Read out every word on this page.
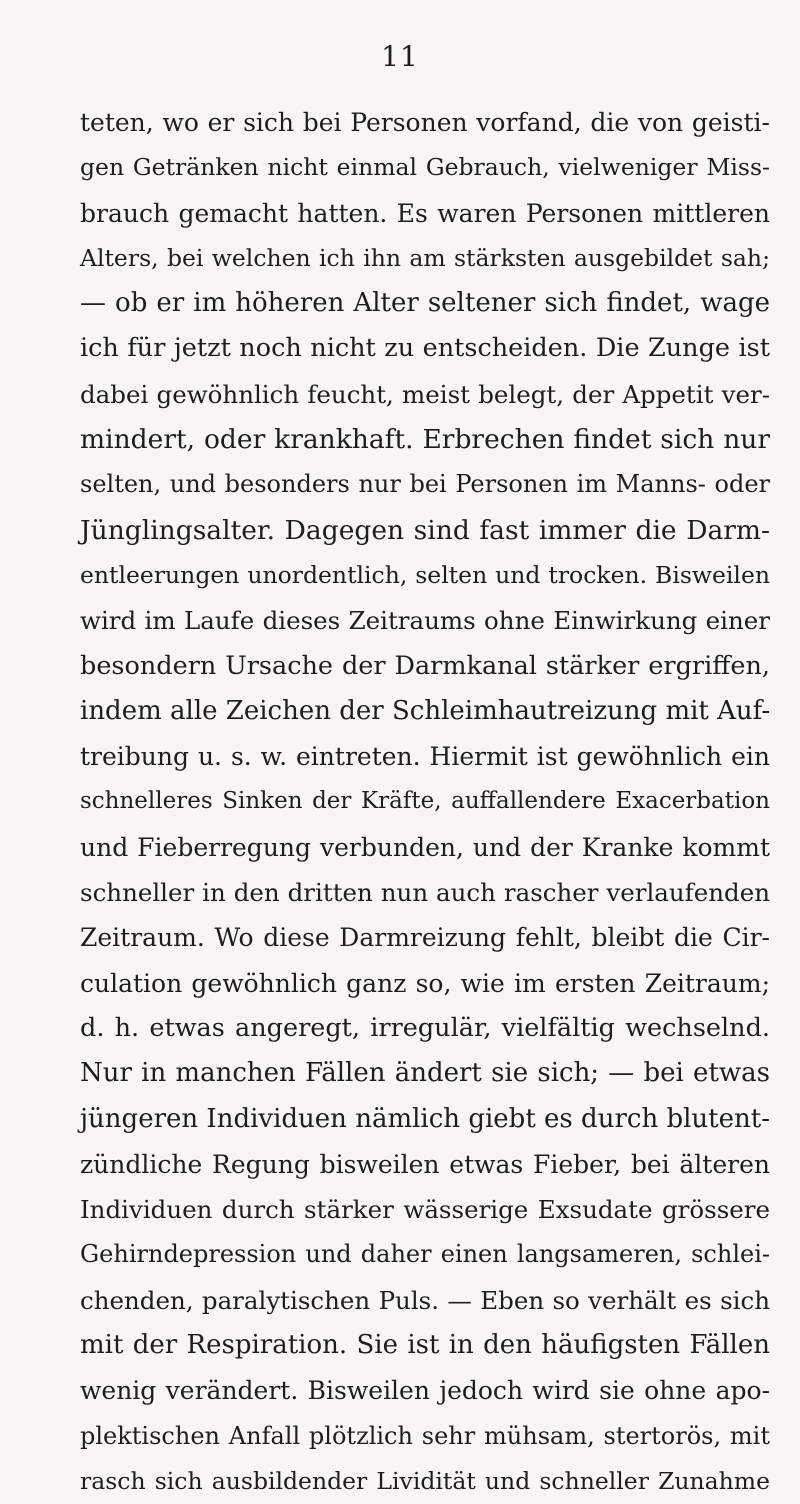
11
teten, wo er sich bei Personen vorfand, die von geisti-
gen Getränken nicht einmal Gebrauch, vielweniger Miss-
brauch gemacht hatten. Es waren Personen mittleren
Alters, bei welchen ich ihn am stärksten ausgebildet sah;
— ob er im höheren Alter seltener sich findet, wage
ich für jetzt noch nicht zu entscheiden. Die Zunge ist
dabei gewöhnlich feucht, meist belegt, der Appetit ver-
mindert, oder krankhaft. Erbrechen findet sich nur
selten, und besonders nur bei Personen im Manns- oder
Jünglingsalter. Dagegen sind fast immer die Darm-
entleerungen unordentlich, selten und trocken. Bisweilen
wird im Laufe dieses Zeitraums ohne Einwirkung einer
besondern Ursache der Darmkanal stärker ergriffen,
indem alle Zeichen der Schleimhautreizung mit Auf-
treibung u. s. w. eintreten. Hiermit ist gewöhnlich ein
schnelleres Sinken der Kräfte, auffallendere Exacerbation
und Fieberregung verbunden, und der Kranke kommt
schneller in den dritten nun auch rascher verlaufenden
Zeitraum. Wo diese Darmreizung fehlt, bleibt die Cir-
culation gewöhnlich ganz so, wie im ersten Zeitraum;
d. h. etwas angeregt, irregulär, vielfältig wechselnd.
Nur in manchen Fällen ändert sie sich; — bei etwas
jüngeren Individuen nämlich giebt es durch blutent-
zündliche Regung bisweilen etwas Fieber, bei älteren
Individuen durch stärker wässerige Exsudate grössere
Gehirndepression und daher einen langsameren, schlei-
chenden, paralytischen Puls. — Eben so verhält es sich
mit der Respiration. Sie ist in den häufigsten Fällen
wenig verändert. Bisweilen jedoch wird sie ohne apo-
plektischen Anfall plötzlich sehr mühsam, stertorös, mit
rasch sich ausbildender Lividität und schneller Zunahme
